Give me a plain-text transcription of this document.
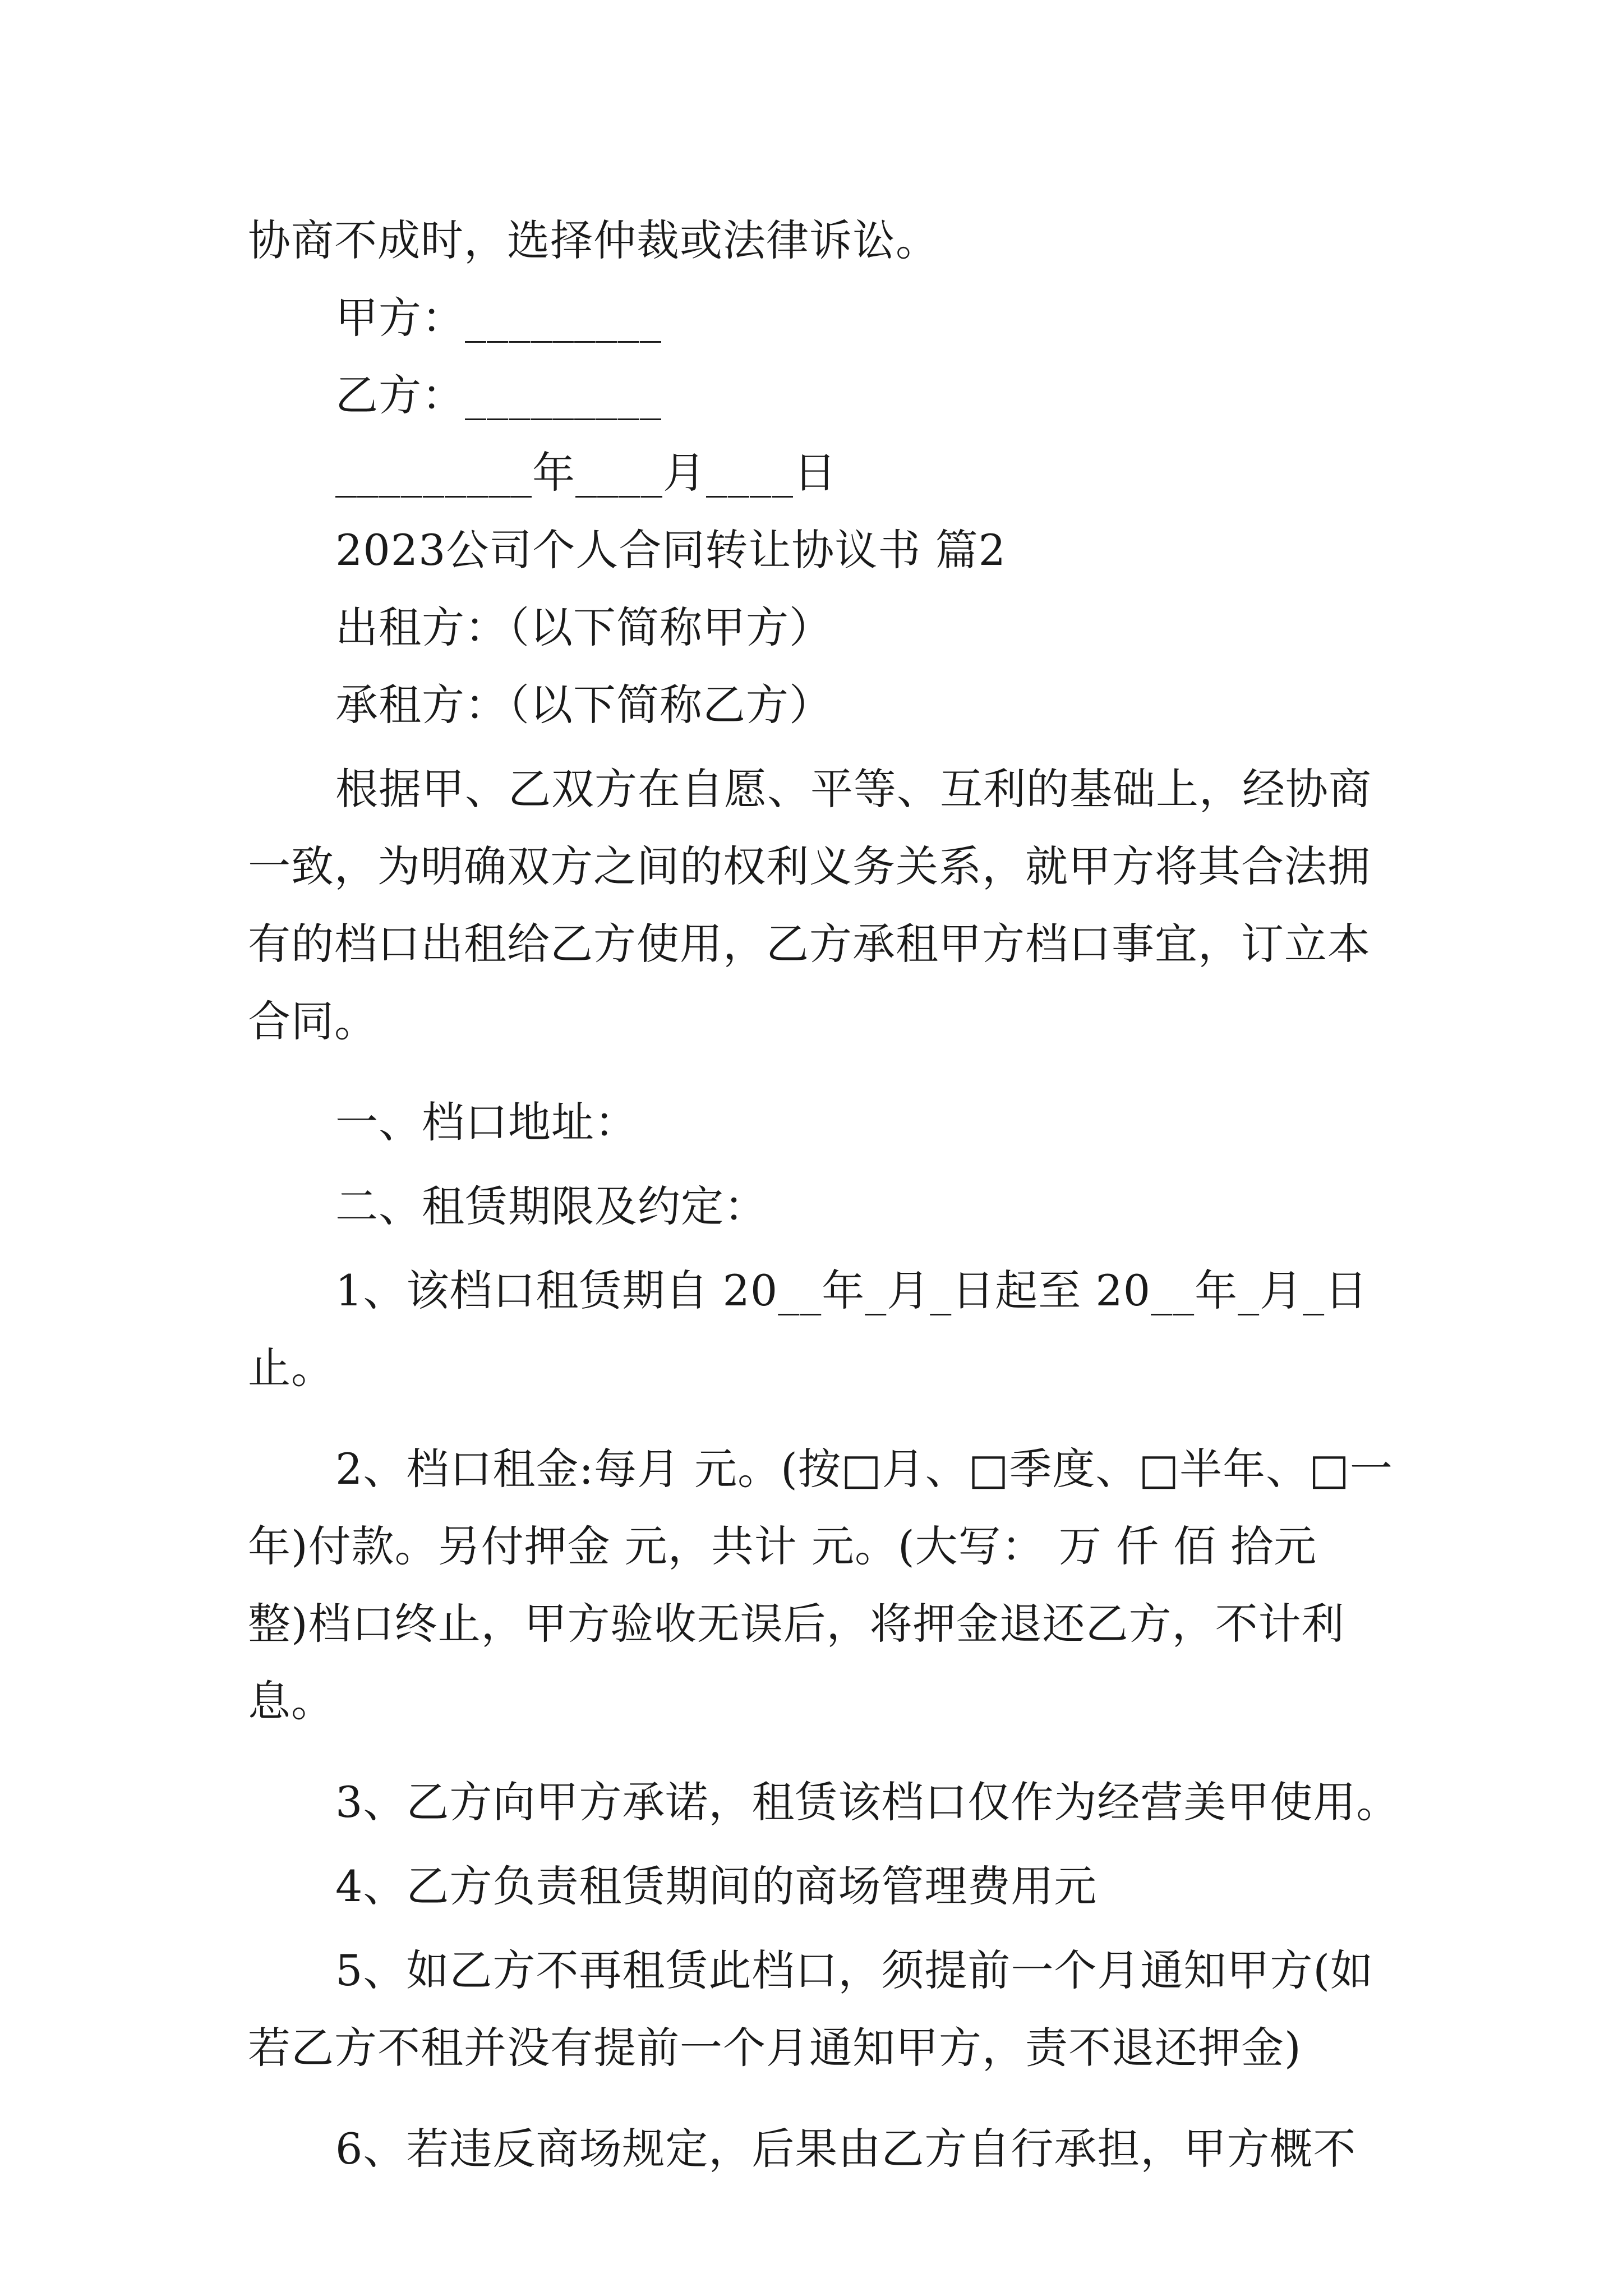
协商不成时，选择仲裁或法律诉讼。
甲方：_________
乙方：_________
_________年____月____日
2023公司个人合同转让协议书 篇2
出租方：（以下简称甲方）
承租方：（以下简称乙方）
根据甲、乙双方在自愿、平等、互利的基础上，经协商
一致，为明确双方之间的权利义务关系，就甲方将其合法拥
有的档口出租给乙方使用，乙方承租甲方档口事宜，订立本
合同。
一、档口地址：
二、租赁期限及约定：
1、该档口租赁期自 20__年_月_日起至 20__年_月_日
止。
2、档口租金:每月 元。(按□月、□季度、□半年、□一
年)付款。另付押金 元，共计 元。(大写： 万 仟 佰 拾元
整)档口终止，甲方验收无误后，将押金退还乙方，不计利
息。
3、乙方向甲方承诺，租赁该档口仅作为经营美甲使用。
4、乙方负责租赁期间的商场管理费用元
5、如乙方不再租赁此档口，须提前一个月通知甲方(如
若乙方不租并没有提前一个月通知甲方，责不退还押金)
6、若违反商场规定，后果由乙方自行承担，甲方概不
